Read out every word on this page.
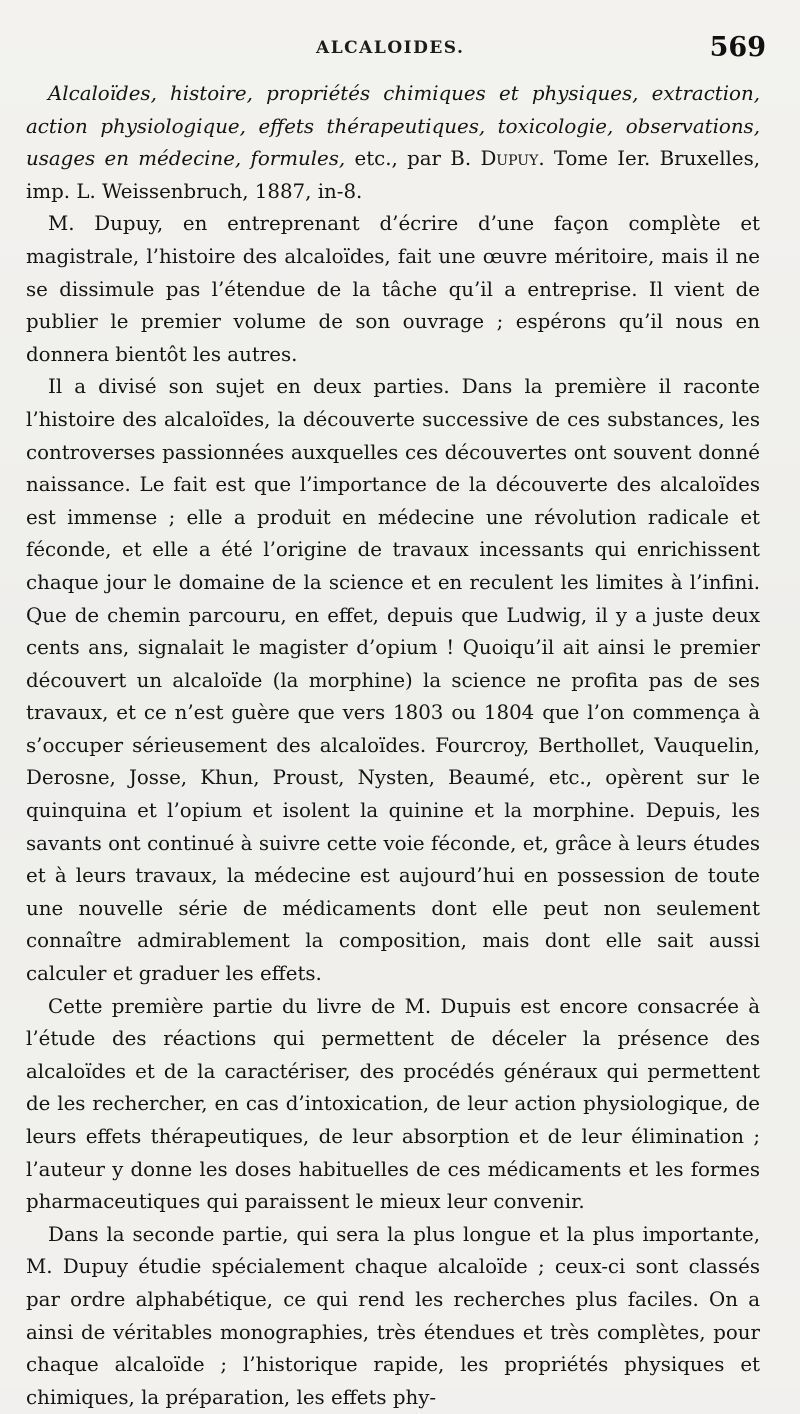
ALCALOIDES.	569

Alcaloïdes, histoire, propriétés chimiques et physiques, extraction, action physiologique, effets thérapeutiques, toxicologie, observations, usages en médecine, formules, etc., par B. Dupuy. Tome Ier. Bruxelles, imp. L. Weissenbruch, 1887, in-8.

M. Dupuy, en entreprenant d’écrire d’une façon complète et magistrale, l’histoire des alcaloïdes, fait une œuvre méritoire, mais il ne se dissimule pas l’étendue de la tâche qu’il a entreprise. Il vient de publier le premier volume de son ouvrage ; espérons qu’il nous en donnera bientôt les autres.

Il a divisé son sujet en deux parties. Dans la première il raconte l’histoire des alcaloïdes, la découverte successive de ces substances, les controverses passionnées auxquelles ces découvertes ont souvent donné naissance. Le fait est que l’importance de la découverte des alcaloïdes est immense ; elle a produit en médecine une révolution radicale et féconde, et elle a été l’origine de travaux incessants qui enrichissent chaque jour le domaine de la science et en reculent les limites à l’infini. Que de chemin parcouru, en effet, depuis que Ludwig, il y a juste deux cents ans, signalait le magister d’opium ! Quoiqu’il ait ainsi le premier découvert un alcaloïde (la morphine) la science ne profita pas de ses travaux, et ce n’est guère que vers 1803 ou 1804 que l’on commença à s’occuper sérieusement des alcaloïdes. Fourcroy, Berthollet, Vauquelin, Derosne, Josse, Khun, Proust, Nysten, Beaumé, etc., opèrent sur le quinquina et l’opium et isolent la quinine et la morphine. Depuis, les savants ont continué à suivre cette voie féconde, et, grâce à leurs études et à leurs travaux, la médecine est aujourd’hui en possession de toute une nouvelle série de médicaments dont elle peut non seulement connaître admirablement la composition, mais dont elle sait aussi calculer et graduer les effets.

Cette première partie du livre de M. Dupuis est encore consacrée à l’étude des réactions qui permettent de déceler la présence des alcaloïdes et de la caractériser, des procédés généraux qui permettent de les rechercher, en cas d’intoxication, de leur action physiologique, de leurs effets thérapeutiques, de leur absorption et de leur élimination ; l’auteur y donne les doses habituelles de ces médicaments et les formes pharmaceutiques qui paraissent le mieux leur convenir.

Dans la seconde partie, qui sera la plus longue et la plus importante, M. Dupuy étudie spécialement chaque alcaloïde ; ceux-ci sont classés par ordre alphabétique, ce qui rend les recherches plus faciles. On a ainsi de véritables monographies, très étendues et très complètes, pour chaque alcaloïde ; l’historique rapide, les propriétés physiques et chimiques, la préparation, les effets phy-
